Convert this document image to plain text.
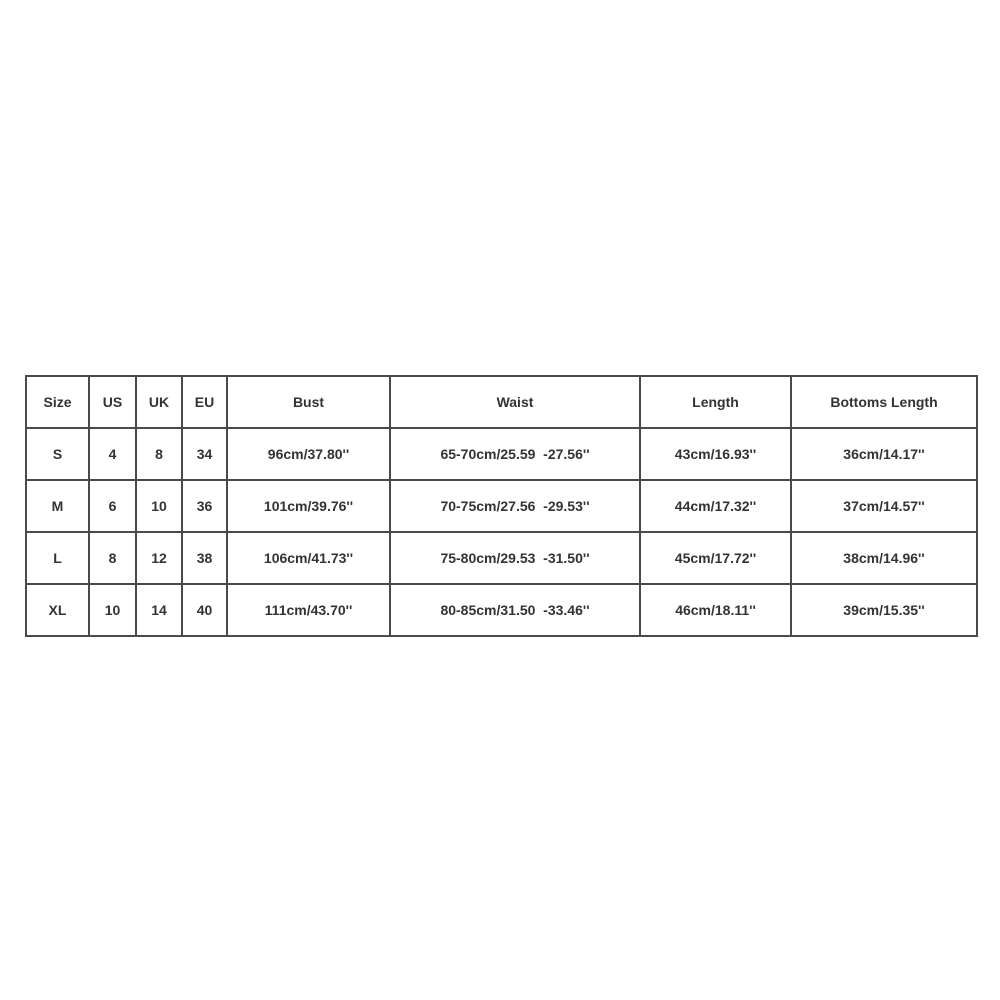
Size	US	UK	EU	Bust	Waist	Length	Bottoms Length
S	4	8	34	96cm/37.80''	65-70cm/25.59  -27.56''	43cm/16.93''	36cm/14.17''
M	6	10	36	101cm/39.76''	70-75cm/27.56  -29.53''	44cm/17.32''	37cm/14.57''
L	8	12	38	106cm/41.73''	75-80cm/29.53  -31.50''	45cm/17.72''	38cm/14.96''
XL	10	14	40	111cm/43.70''	80-85cm/31.50  -33.46''	46cm/18.11''	39cm/15.35''
